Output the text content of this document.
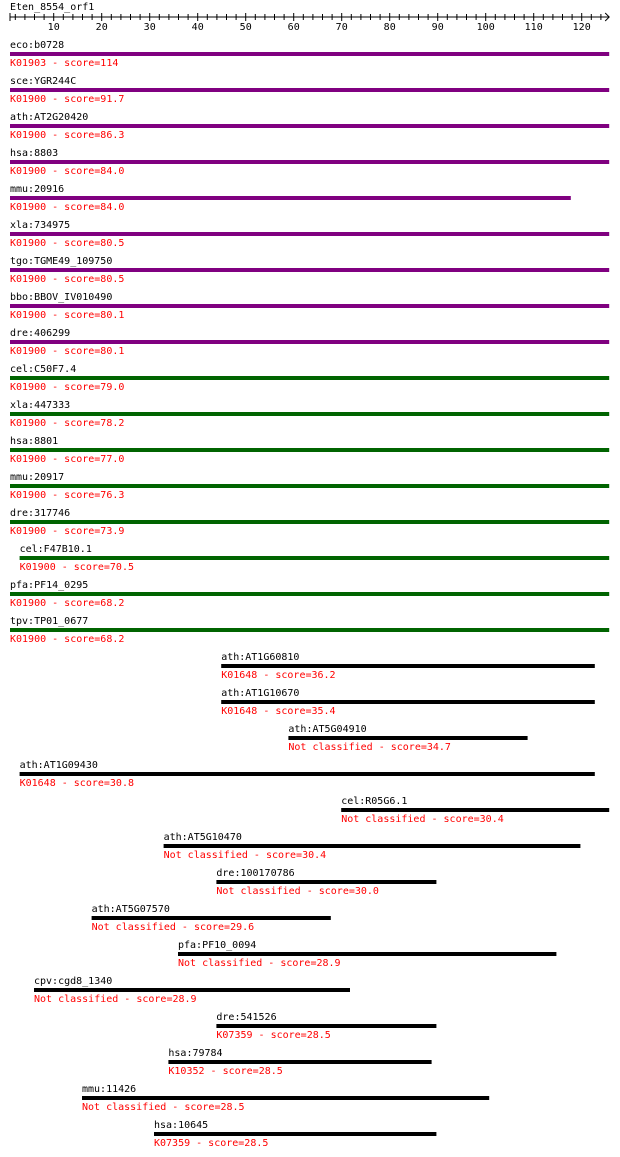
Eten_8554_orf1
10	20	30	40	50	60	70	80	90	100	110	120
eco:b0728
K01903 - score=114
sce:YGR244C
K01900 - score=91.7
ath:AT2G20420
K01900 - score=86.3
hsa:8803
K01900 - score=84.0
mmu:20916
K01900 - score=84.0
xla:734975
K01900 - score=80.5
tgo:TGME49_109750
K01900 - score=80.5
bbo:BBOV_IV010490
K01900 - score=80.1
dre:406299
K01900 - score=80.1
cel:C50F7.4
K01900 - score=79.0
xla:447333
K01900 - score=78.2
hsa:8801
K01900 - score=77.0
mmu:20917
K01900 - score=76.3
dre:317746
K01900 - score=73.9
cel:F47B10.1
K01900 - score=70.5
pfa:PF14_0295
K01900 - score=68.2
tpv:TP01_0677
K01900 - score=68.2
ath:AT1G60810
K01648 - score=36.2
ath:AT1G10670
K01648 - score=35.4
ath:AT5G04910
Not classified - score=34.7
ath:AT1G09430
K01648 - score=30.8
cel:R05G6.1
Not classified - score=30.4
ath:AT5G10470
Not classified - score=30.4
dre:100170786
Not classified - score=30.0
ath:AT5G07570
Not classified - score=29.6
pfa:PF10_0094
Not classified - score=28.9
cpv:cgd8_1340
Not classified - score=28.9
dre:541526
K07359 - score=28.5
hsa:79784
K10352 - score=28.5
mmu:11426
Not classified - score=28.5
hsa:10645
K07359 - score=28.5
